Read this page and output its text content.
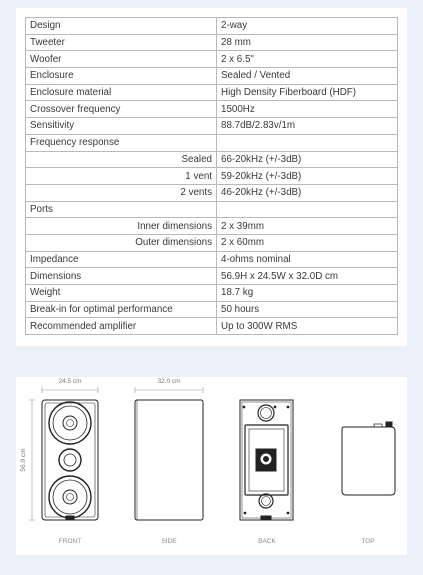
Design	2-way
Tweeter	28 mm
Woofer	2 x 6.5"
Enclosure	Sealed / Vented
Enclosure material	High Density Fiberboard (HDF)
Crossover frequency	1500Hz
Sensitivity	88.7dB/2.83v/1m
Frequency response	
Sealed	66-20kHz (+/-3dB)
1 vent	59-20kHz (+/-3dB)
2 vents	46-20kHz (+/-3dB)
Ports	
Inner dimensions	2 x 39mm
Outer dimensions	2 x 60mm
Impedance	4-ohms nominal
Dimensions	56.9H x 24.5W x 32.0D cm
Weight	18.7 kg
Break-in for optimal performance	50 hours
Recommended amplifier	Up to 300W RMS
24.5 cm	32.0 cm
56.9 cm
FRONT	SIDE	BACK	TOP
